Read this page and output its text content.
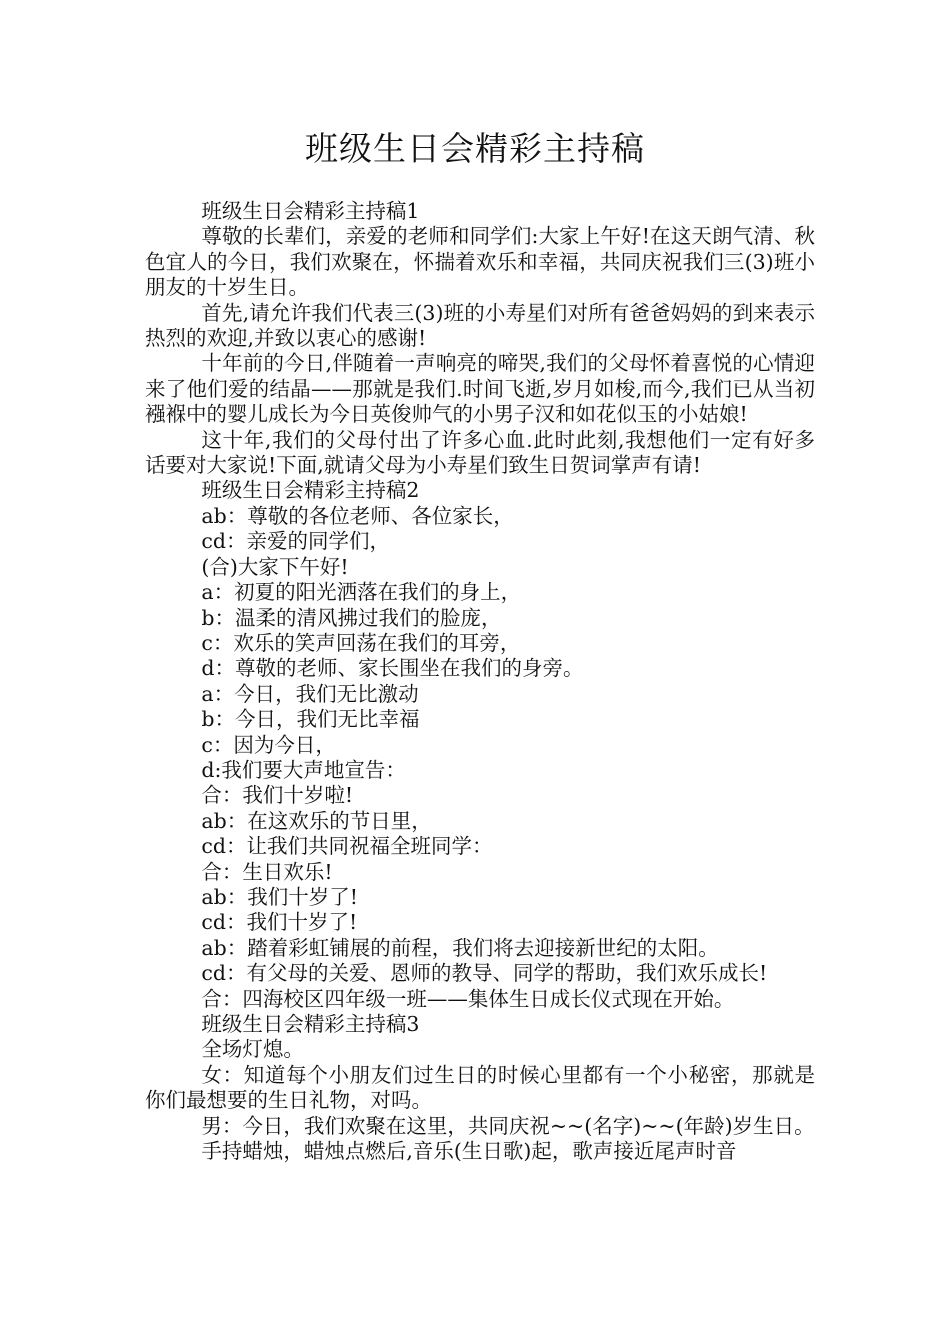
班级生日会精彩主持稿

班级生日会精彩主持稿1

尊敬的长辈们，亲爱的老师和同学们:大家上午好!在这天朗气清、秋色宜人的今日，我们欢聚在，怀揣着欢乐和幸福，共同庆祝我们三(3)班小朋友的十岁生日。

首先,请允许我们代表三(3)班的小寿星们对所有爸爸妈妈的到来表示热烈的欢迎,并致以衷心的感谢!

十年前的今日,伴随着一声响亮的啼哭,我们的父母怀着喜悦的心情迎来了他们爱的结晶——那就是我们.时间飞逝,岁月如梭,而今,我们已从当初襁褓中的婴儿成长为今日英俊帅气的小男子汉和如花似玉的小姑娘!

这十年,我们的父母付出了许多心血.此时此刻,我想他们一定有好多话要对大家说!下面,就请父母为小寿星们致生日贺词掌声有请!

班级生日会精彩主持稿2

ab：尊敬的各位老师、各位家长，

cd：亲爱的同学们，

(合)大家下午好!

a：初夏的阳光洒落在我们的身上，

b：温柔的清风拂过我们的脸庞，

c：欢乐的笑声回荡在我们的耳旁，

d：尊敬的老师、家长围坐在我们的身旁。

a：今日，我们无比激动

b：今日，我们无比幸福

c：因为今日，

d:我们要大声地宣告：

合：我们十岁啦!

ab：在这欢乐的节日里，

cd：让我们共同祝福全班同学：

合：生日欢乐!

ab：我们十岁了!

cd：我们十岁了!

ab：踏着彩虹铺展的前程，我们将去迎接新世纪的太阳。

cd：有父母的关爱、恩师的教导、同学的帮助，我们欢乐成长!

合：四海校区四年级一班——集体生日成长仪式现在开始。

班级生日会精彩主持稿3

全场灯熄。

女：知道每个小朋友们过生日的时候心里都有一个小秘密，那就是你们最想要的生日礼物，对吗。

男：今日，我们欢聚在这里，共同庆祝~~(名字)~~(年龄)岁生日。

手持蜡烛，蜡烛点燃后,音乐(生日歌)起，歌声接近尾声时音
